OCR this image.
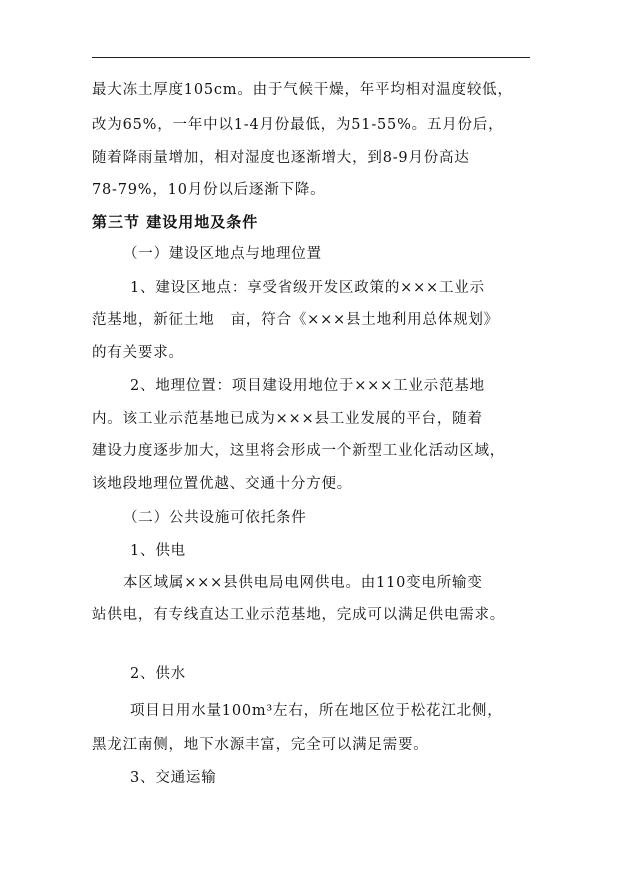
最大冻土厚度105cm。由于气候干燥，年平均相对温度较低，
改为65%，一年中以1-4月份最低，为51-55%。五月份后，
随着降雨量增加，相对湿度也逐渐增大，到8-9月份高达
78-79%，10月份以后逐渐下降。
第三节 建设用地及条件
（一）建设区地点与地理位置
1、建设区地点：享受省级开发区政策的×××工业示
范基地，新征土地   亩，符合《×××县土地利用总体规划》
的有关要求。
2、地理位置：项目建设用地位于×××工业示范基地
内。该工业示范基地已成为×××县工业发展的平台，随着
建设力度逐步加大，这里将会形成一个新型工业化活动区域，
该地段地理位置优越、交通十分方便。
（二）公共设施可依托条件
1、供电
本区域属×××县供电局电网供电。由110变电所输变
站供电，有专线直达工业示范基地，完成可以满足供电需求。
2、供水
项目日用水量100m³左右，所在地区位于松花江北侧，
黑龙江南侧，地下水源丰富，完全可以满足需要。
3、交通运输
